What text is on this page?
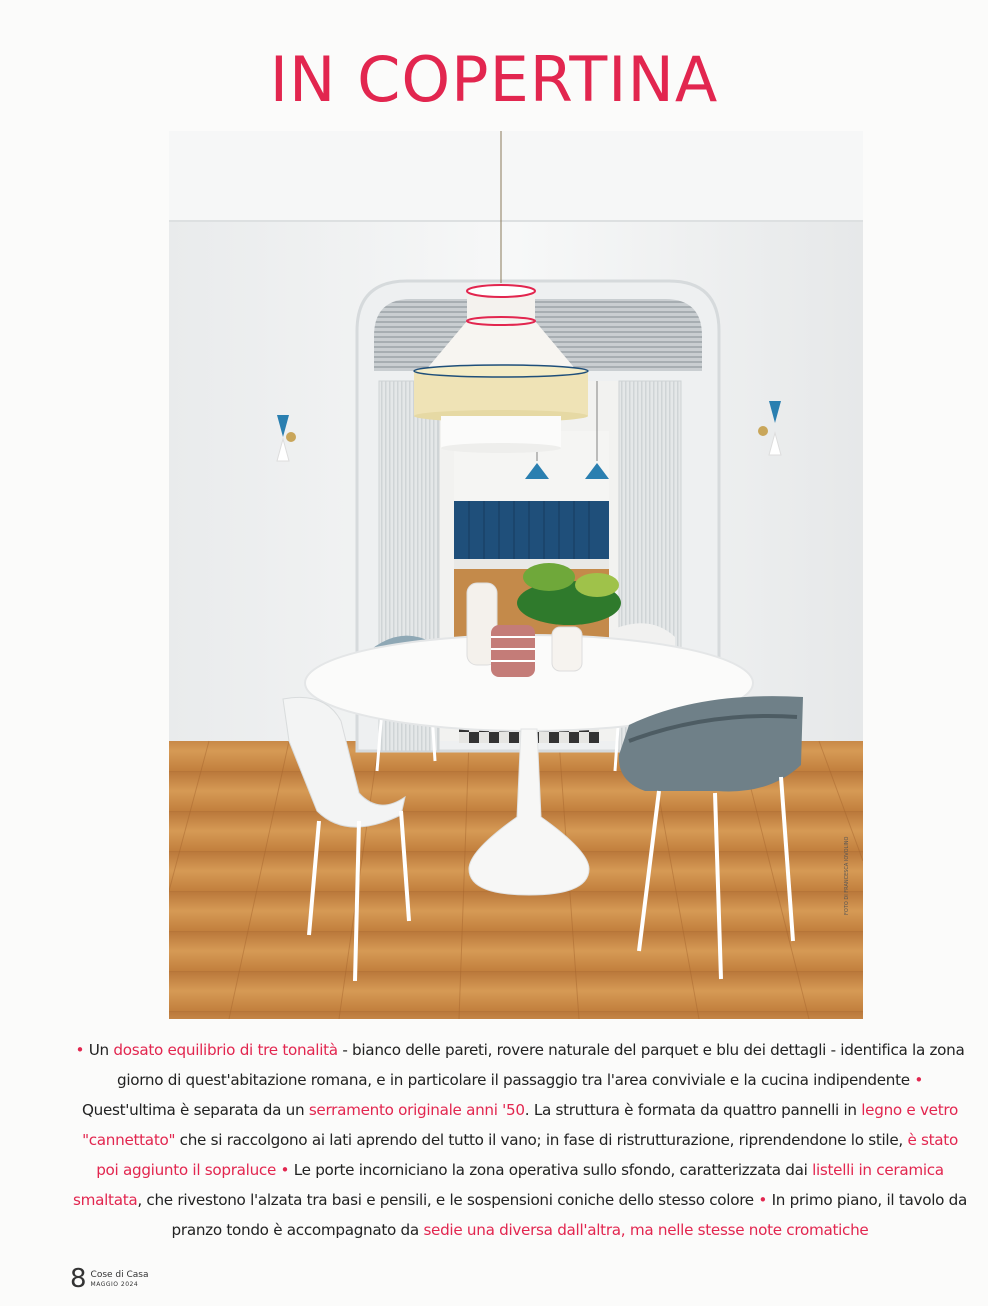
IN COPERTINA
FOTO DI FRANCESCA IOVOLINO

• Un dosato equilibrio di tre tonalità - bianco delle pareti, rovere naturale del parquet e blu dei dettagli - identifica la zona giorno di quest'abitazione romana, e in particolare il passaggio tra l'area conviviale e la cucina indipendente • Quest'ultima è separata da un serramento originale anni '50. La struttura è formata da quattro pannelli in legno e vetro "cannettato" che si raccolgono ai lati aprendo del tutto il vano; in fase di ristrutturazione, riprendendone lo stile, è stato poi aggiunto il sopraluce • Le porte incorniciano la zona operativa sullo sfondo, caratterizzata dai listelli in ceramica smaltata, che rivestono l'alzata tra basi e pensili, e le sospensioni coniche dello stesso colore • In primo piano, il tavolo da pranzo tondo è accompagnato da sedie una diversa dall'altra, ma nelle stesse note cromatiche

8 Cose di Casa
MAGGIO 2024
